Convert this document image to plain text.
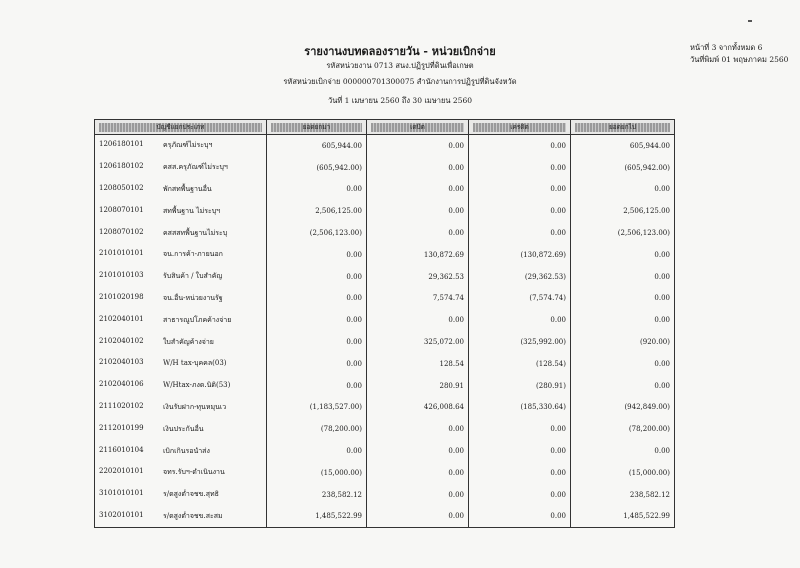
รายงานงบทดลองรายวัน - หน่วยเบิกจ่าย
รหัสหน่วยงาน 0713 สนง.ปฏิรูปที่ดินเพื่อเกษต
รหัสหน่วยเบิกจ่าย 000000701300075 สำนักงานการปฏิรูปที่ดินจังหวัด
วันที่ 1 เมษายน 2560 ถึง 30 เมษายน 2560
หน้าที่ 3 จากทั้งหมด 6
วันที่พิมพ์ 01 พฤษภาคม 2560
บัญชีแยกประเภท	ยอดยกมา	เดบิต	เครดิต	ยอดยกไป

1206180101 ครุภัณฑ์ไม่ระบุฯ	605,944.00	0.00	0.00	605,944.00

1206180102 คสส.ครุภัณฑ์ไม่ระบุฯ	(605,942.00)	0.00	0.00	(605,942.00)

1208050102 พักสทพื้นฐานอื่น	0.00	0.00	0.00	0.00

1208070101 สทพื้นฐาน ไม่ระบุฯ	2,506,125.00	0.00	0.00	2,506,125.00

1208070102 คสสสทพื้นฐานไม่ระบุ	(2,506,123.00)	0.00	0.00	(2,506,123.00)

2101010101 จน.การค้า-ภายนอก	0.00	130,872.69	(130,872.69)	0.00

2101010103 รับสินค้า / ใบสำคัญ	0.00	29,362.53	(29,362.53)	0.00

2101020198 จน.อื่น-หน่วยงานรัฐ	0.00	7,574.74	(7,574.74)	0.00

2102040101 สาธารณูปโภคค้างจ่าย	0.00	0.00	0.00	0.00

2102040102 ใบสำคัญค้างจ่าย	0.00	325,072.00	(325,992.00)	(920.00)

2102040103 W/H tax-บุคคล(03)	0.00	128.54	(128.54)	0.00

2102040106 W/Htax-ภงด.นิติ(53)	0.00	280.91	(280.91)	0.00

2111020102 เงินรับฝาก-ทุนหมุนเว	(1,183,527.00)	426,008.64	(185,330.64)	(942,849.00)

2112010199 เงินประกันอื่น	(78,200.00)	0.00	0.00	(78,200.00)

2116010104 เบิกเกินรอนำส่ง	0.00	0.00	0.00	0.00

2202010101 จทร.รับฯ-ดำเนินงาน	(15,000.00)	0.00	0.00	(15,000.00)

3101010101 ร/ดสูงต่ำจชข.สุทธิ	238,582.12	0.00	0.00	238,582.12

3102010101 ร/ดสูงต่ำจชข.สะสม	1,485,522.99	0.00	0.00	1,485,522.99
